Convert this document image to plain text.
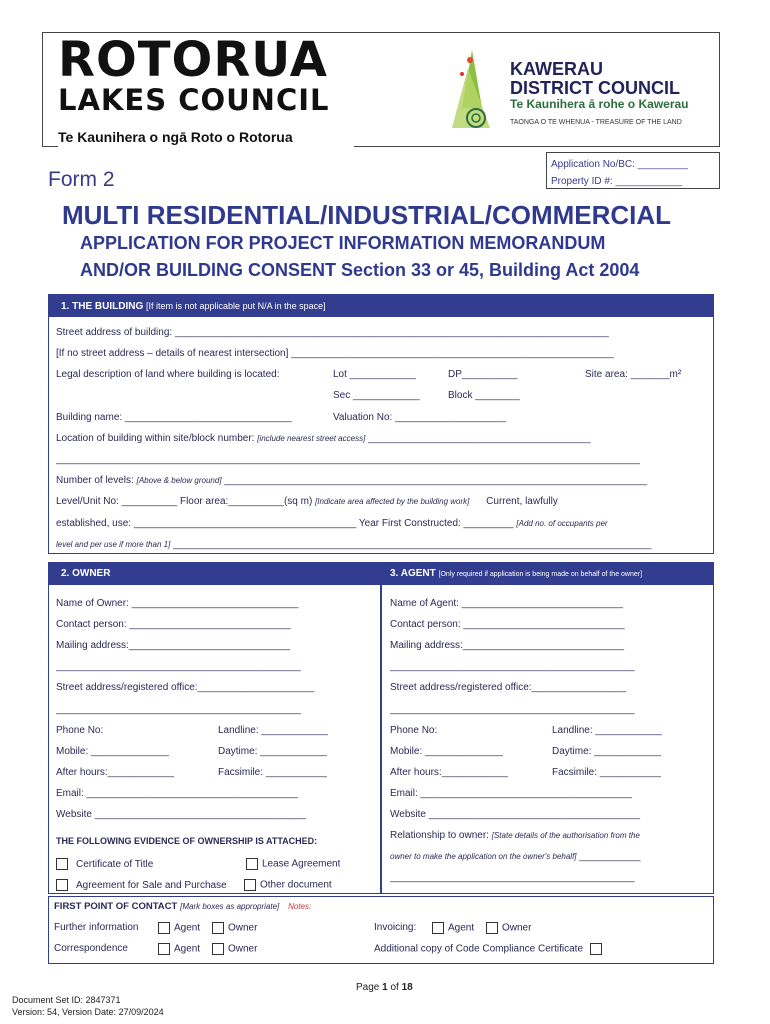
ROTORUA
LAKES COUNCIL
Te Kaunihera o ngā Roto o Rotorua
KAWERAU
DISTRICT COUNCIL
Te Kaunihera ā rohe o Kawerau
TAONGA O TE WHENUA - TREASURE OF THE LAND
Application No/BC: _________
Property ID #: ____________
Form 2
MULTI RESIDENTIAL/INDUSTRIAL/COMMERCIAL
APPLICATION FOR PROJECT INFORMATION MEMORANDUM
AND/OR BUILDING CONSENT Section 33 or 45, Building Act 2004
1. THE BUILDING [If item is not applicable put N/A in the space]
Street address of building: ______________________________________________________________________________
[If no street address – details of nearest intersection] __________________________________________________________
Legal description of land where building is located:	Lot ____________	DP__________	Site area: _______m²
Sec ____________	Block ________
Building name: ______________________________	Valuation No: ____________________
Location of building within site/block number: [include nearest street access] ________________________________________
_________________________________________________________________________________________________________
Number of levels: [Above & below ground] ____________________________________________________________________________
Level/Unit No: __________ Floor area:__________(sq m) [Indicate area affected by the building work] Current, lawfully
established, use: ________________________________________ Year First Constructed: _________ [Add no. of occupants per
level and per use if more than 1] ______________________________________________________________________________________
2. OWNER
Name of Owner: ______________________________
Contact person: _____________________________
Mailing address:_____________________________
____________________________________________
Street address/registered office:_____________________
____________________________________________
Phone No:	Landline: ____________
Mobile: ______________	Daytime: ____________
After hours:____________	Facsimile: ___________
Email: ______________________________________
Website ______________________________________
THE FOLLOWING EVIDENCE OF OWNERSHIP IS ATTACHED:
Certificate of Title	Lease Agreement
Agreement for Sale and Purchase	Other document
3. AGENT [Only required if application is being made on behalf of the owner]
Name of Agent: _____________________________
Contact person: _____________________________
Mailing address:_____________________________
____________________________________________
Street address/registered office:_________________
____________________________________________
Phone No:	Landline: ____________
Mobile: ______________	Daytime: ____________
After hours:____________	Facsimile: ___________
Email: ______________________________________
Website ______________________________________
Relationship to owner: [State details of the authorisation from the
owner to make the application on the owner's behalf] ___________
____________________________________________
FIRST POINT OF CONTACT [Mark boxes as appropriate] Notes:
Further information	Agent	Owner
Correspondence	Agent	Owner
Invoicing:	Agent	Owner
Additional copy of Code Compliance Certificate
Page 1 of 18
Document Set ID: 2847371
Version: 54, Version Date: 27/09/2024
